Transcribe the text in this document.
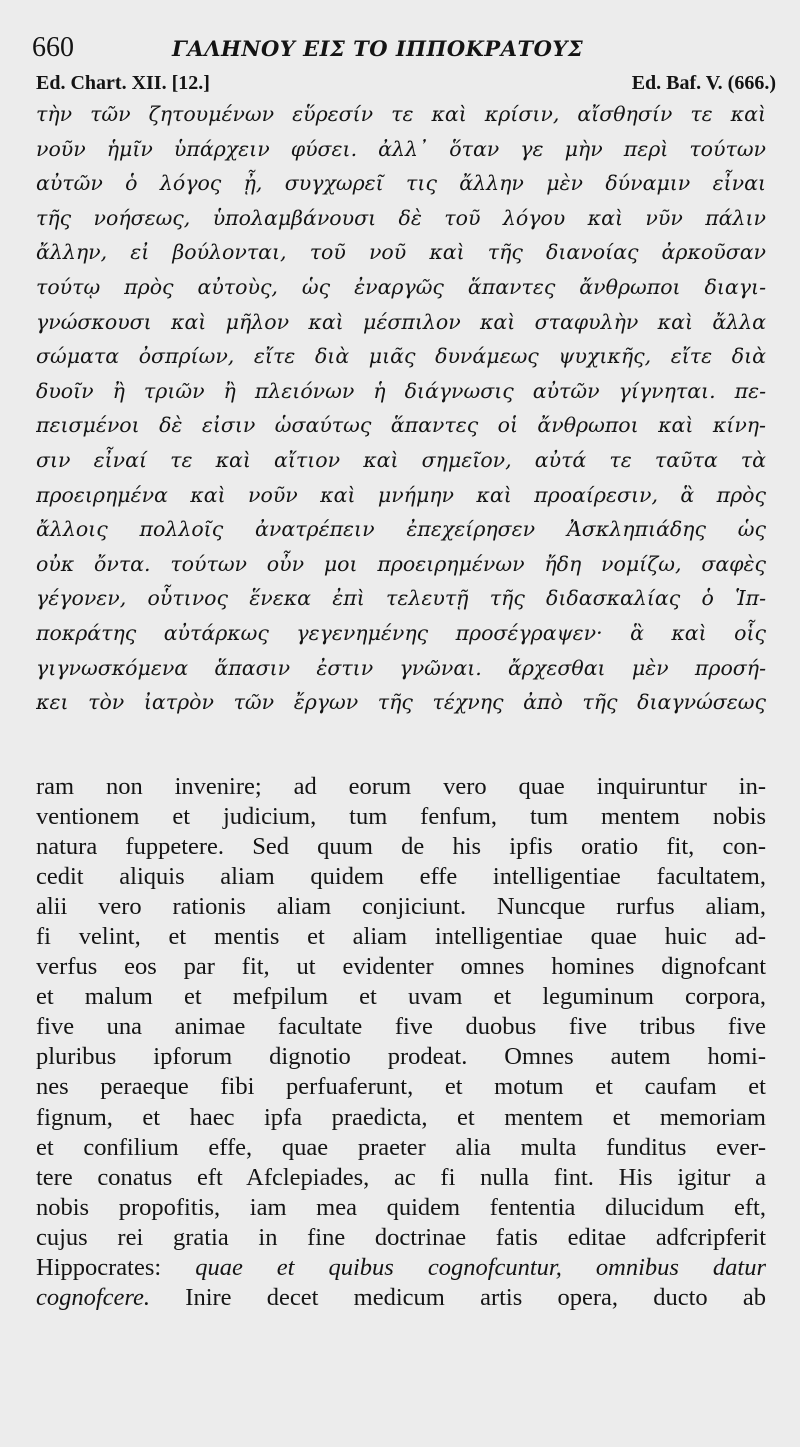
660	ΓΑΛΗΝΟΥ ΕΙΣ ΤΟ ΙΠΠΟΚΡΑΤΟΥΣ
Ed. Chart. XII. [12.]	Ed. Baf. V. (666.)
τὴν τῶν ζητουμένων εὕρεσίν τε καὶ κρίσιν, αἴσθησίν τε καὶ
νοῦν ἡμῖν ὑπάρχειν φύσει. ἀλλ᾽ ὅταν γε μὴν περὶ τούτων
αὐτῶν ὁ λόγος ᾖ, συγχωρεῖ τις ἄλλην μὲν δύναμιν εἶναι
τῆς νοήσεως, ὑπολαμβάνουσι δὲ τοῦ λόγου καὶ νῦν πάλιν
ἄλλην, εἰ βούλονται, τοῦ νοῦ καὶ τῆς διανοίας ἀρκοῦσαν
τούτῳ πρὸς αὐτοὺς, ὡς ἐναργῶς ἅπαντες ἄνθρωποι διαγι-
γνώσκουσι καὶ μῆλον καὶ μέσπιλον καὶ σταφυλὴν καὶ ἄλλα
σώματα ὀσπρίων, εἴτε διὰ μιᾶς δυνάμεως ψυχικῆς, εἴτε διὰ
δυοῖν ἢ τριῶν ἢ πλειόνων ἡ διάγνωσις αὐτῶν γίγνηται. πε-
πεισμένοι δὲ εἰσιν ὡσαύτως ἅπαντες οἱ ἄνθρωποι καὶ κίνη-
σιν εἶναί τε καὶ αἴτιον καὶ σημεῖον, αὐτά τε ταῦτα τὰ
προειρημένα καὶ νοῦν καὶ μνήμην καὶ προαίρεσιν, ἃ πρὸς
ἄλλοις πολλοῖς ἀνατρέπειν ἐπεχείρησεν Ἀσκληπιάδης ὡς
οὐκ ὄντα. τούτων οὖν μοι προειρημένων ἤδη νομίζω, σαφὲς
γέγονεν, οὗτινος ἕνεκα ἐπὶ τελευτῇ τῆς διδασκαλίας ὁ Ἱπ-
ποκράτης αὐτάρκως γεγενημένης προσέγραψεν· ἃ καὶ οἷς
γιγνωσκόμενα ἅπασιν ἐστιν γνῶναι. ἄρχεσθαι μὲν προσή-
κει τὸν ἰατρὸν τῶν ἔργων τῆς τέχνης ἀπὸ τῆς διαγνώσεως
ram non invenire; ad eorum vero quae inquiruntur in-
ventionem et judicium, tum fenfum, tum mentem nobis
natura fuppetere. Sed quum de his ipfis oratio fit, con-
cedit aliquis aliam quidem effe intelligentiae facultatem,
alii vero rationis aliam conjiciunt. Nuncque rurfus aliam,
fi velint, et mentis et aliam intelligentiae quae huic ad-
verfus eos par fit, ut evidenter omnes homines dignofcant
et malum et mefpilum et uvam et leguminum corpora,
five una animae facultate five duobus five tribus five
pluribus ipforum dignotio prodeat. Omnes autem homi-
nes peraeque fibi perfuaferunt, et motum et caufam et
fignum, et haec ipfa praedicta, et mentem et memoriam
et confilium effe, quae praeter alia multa funditus ever-
tere conatus eft Afclepiades, ac fi nulla fint. His igitur a
nobis propofitis, iam mea quidem fententia dilucidum eft,
cujus rei gratia in fine doctrinae fatis editae adfcripferit
Hippocrates: quae et quibus cognofcuntur, omnibus datur
cognofcere. Inire decet medicum artis opera, ducto ab
